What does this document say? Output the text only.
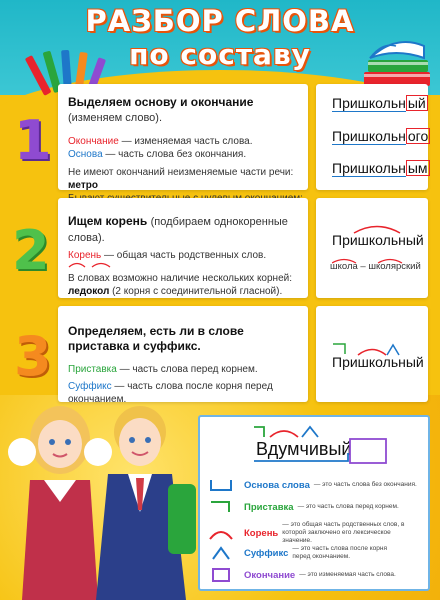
РАЗБОР СЛОВА
по составу
1
2
3
Выделяем основу и окончание (изменяем слово).
Окончание — изменяемая часть слова.
Основа — часть слова без окончания.
Не имеют окончаний неизменяемые части речи: метро
Пришкольн ый
Пришкольн ого
Пришкольн ым
Ищем корень (подбираем однокоренные слова).
Корень — общая часть родственных слов.
В словах возможно наличие нескольких корней:
ледокол (2 корня с соединительной гласной).
Пришкольный
школа – школярский
Определяем, есть ли в слове
приставка и суффикс.
Приставка — часть слова перед корнем.
Суффикс — часть слова после корня перед окончанием.
Пришкольный
Вдумчивый
Основа слова — это часть слова без окончания.
Приставка — это часть слова перед корнем.
Корень
— это общая часть родственных слов, в которой заключено его лексическое значение.
Суффикс — это часть слова после корня перед окончанием.
Окончание — это изменяемая часть слова.
